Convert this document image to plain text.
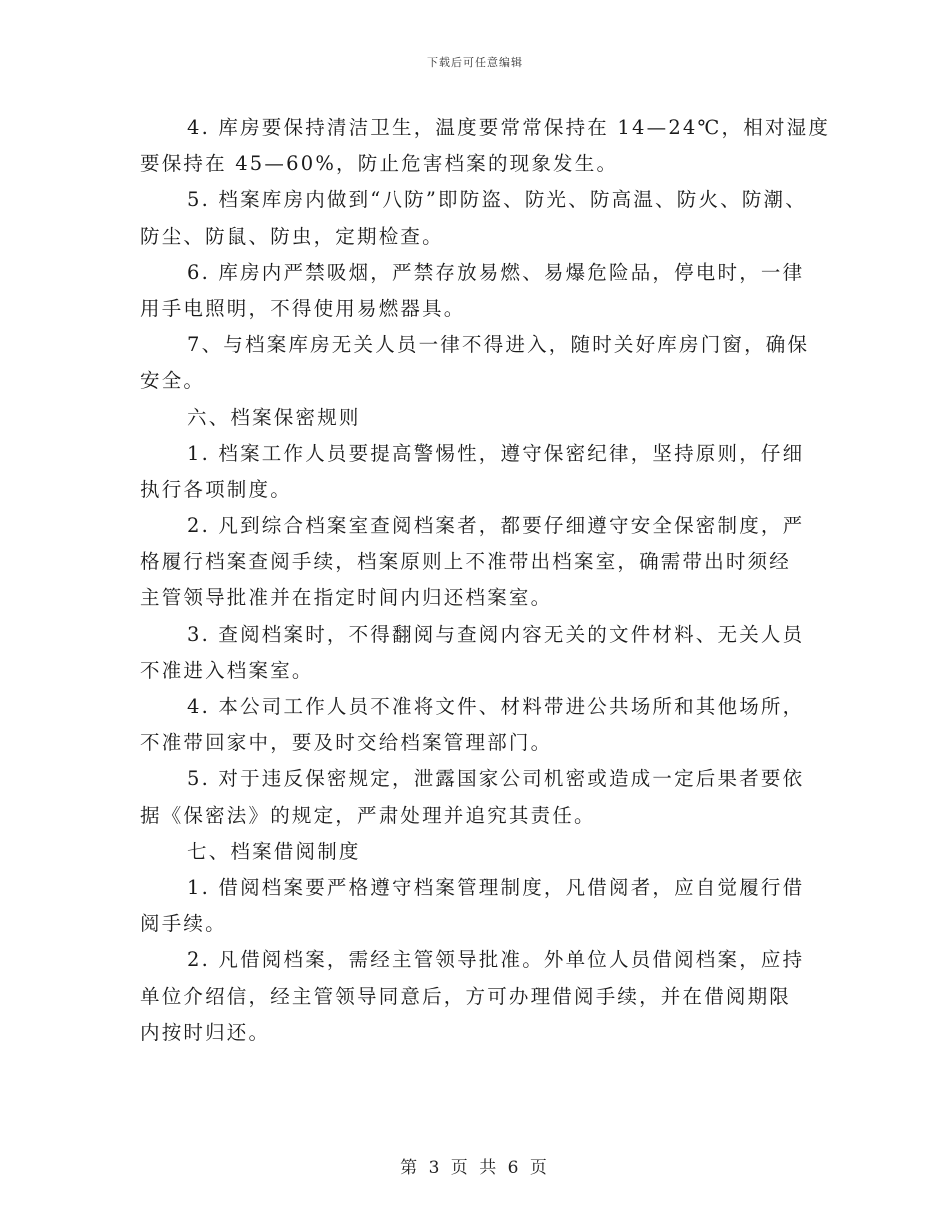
下载后可任意编辑
4. 库房要保持清洁卫生，温度要常常保持在 14—24℃，相对湿度
要保持在 45—60%，防止危害档案的现象发生。
5. 档案库房内做到“八防”即防盗、防光、防高温、防火、防潮、
防尘、防鼠、防虫，定期检查。
6. 库房内严禁吸烟，严禁存放易燃、易爆危险品，停电时，一律
用手电照明，不得使用易燃器具。
7、与档案库房无关人员一律不得进入，随时关好库房门窗，确保
安全。
六、档案保密规则
1. 档案工作人员要提高警惕性，遵守保密纪律，坚持原则，仔细
执行各项制度。
2. 凡到综合档案室查阅档案者，都要仔细遵守安全保密制度，严
格履行档案查阅手续，档案原则上不准带出档案室，确需带出时须经
主管领导批准并在指定时间内归还档案室。
3. 查阅档案时，不得翻阅与查阅内容无关的文件材料、无关人员
不准进入档案室。
4. 本公司工作人员不准将文件、材料带进公共场所和其他场所，
不准带回家中，要及时交给档案管理部门。
5. 对于违反保密规定，泄露国家公司机密或造成一定后果者要依
据《保密法》的规定，严肃处理并追究其责任。
七、档案借阅制度
1. 借阅档案要严格遵守档案管理制度，凡借阅者，应自觉履行借
阅手续。
2. 凡借阅档案，需经主管领导批准。外单位人员借阅档案，应持
单位介绍信，经主管领导同意后，方可办理借阅手续，并在借阅期限
内按时归还。
第 3 页 共 6 页
